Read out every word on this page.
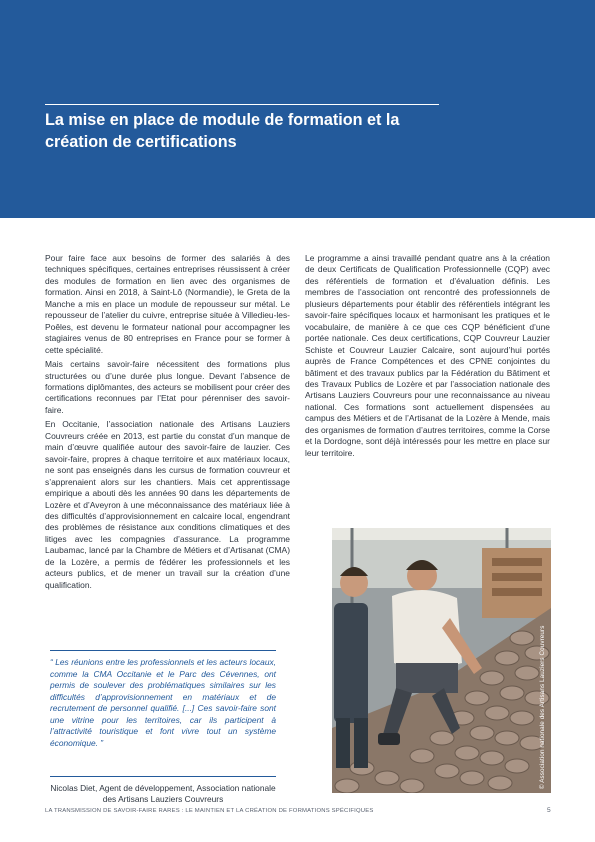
La mise en place de module de formation et la création de certifications

Pour faire face aux besoins de former des salariés à des techniques spécifiques, certaines entreprises réussissent à créer des modules de formation en lien avec des organismes de formation. Ainsi en 2018, à Saint-Lô (Normandie), le Greta de la Manche a mis en place un module de repousseur sur métal. Le repousseur de l’atelier du cuivre, entreprise située à Villedieu-les-Poêles, est devenu le formateur national pour accompagner les stagiaires venus de 80 entreprises en France pour se former à cette spécialité.

Mais certains savoir-faire nécessitent des formations plus structurées ou d’une durée plus longue. Devant l’absence de formations diplômantes, des acteurs se mobilisent pour créer des certifications reconnues par l’Etat pour pérenniser des savoir-faire.

En Occitanie, l’association nationale des Artisans Lauziers Couvreurs créée en 2013, est partie du constat d’un manque de main d’œuvre qualifiée autour des savoir-faire de lauzier. Ces savoir-faire, propres à chaque territoire et aux matériaux locaux, ne sont pas enseignés dans les cursus de formation couvreur et s’apprenaient alors sur les chantiers. Mais cet apprentissage empirique a abouti dès les années 90 dans les départements de Lozère et d’Aveyron à une méconnaissance des matériaux liée à des difficultés d’approvisionnement en calcaire local, engendrant des problèmes de résistance aux conditions climatiques et des litiges avec les compagnies d’assurance. La programme Laubamac, lancé par la Chambre de Métiers et d’Artisanat (CMA) de la Lozère, a permis de fédérer les professionnels et les acteurs publics, et de mener un travail sur la création d’une qualification.

“ Les réunions entre les professionnels et les acteurs locaux, comme la CMA Occitanie et le Parc des Cévennes, ont permis de soulever des problématiques similaires sur les difficultés d’approvisionnement en matériaux et de recrutement de personnel qualifié. [...] Ces savoir-faire sont une vitrine pour les territoires, car ils participent à l’attractivité touristique et font vivre tout un système économique. ”

Nicolas Diet, Agent de développement, Association nationale des Artisans Lauziers Couvreurs

Le programme a ainsi travaillé pendant quatre ans à la création de deux Certificats de Qualification Professionnelle (CQP) avec des référentiels de formation et d’évaluation définis. Les membres de l’association ont rencontré des professionnels de plusieurs départements pour établir des référentiels intégrant les savoir-faire spécifiques locaux et harmonisant les pratiques et le vocabulaire, de manière à ce que ces CQP bénéficient d’une portée nationale. Ces deux certifications, CQP Couvreur Lauzier Schiste et Couvreur Lauzier Calcaire, sont aujourd’hui portés auprès de France Compétences et des CPNE conjointes du bâtiment et des travaux publics par la Fédération du Bâtiment et des Travaux Publics de Lozère et par l’association nationale des Artisans Lauziers Couvreurs pour une reconnaissance au niveau national. Ces formations sont actuellement dispensées au campus des Métiers et de l’Artisanat de la Lozère à Mende, mais des organismes de formation d’autres territoires, comme la Corse et la Dordogne, sont déjà intéressés pour les mettre en place sur leur territoire.

© Association nationale des Artisans Lauziers Couvreurs
LA TRANSMISSION DE SAVOIR-FAIRE RARES : LE MAINTIEN ET LA CRÉATION DE FORMATIONS SPÉCIFIQUES	5
